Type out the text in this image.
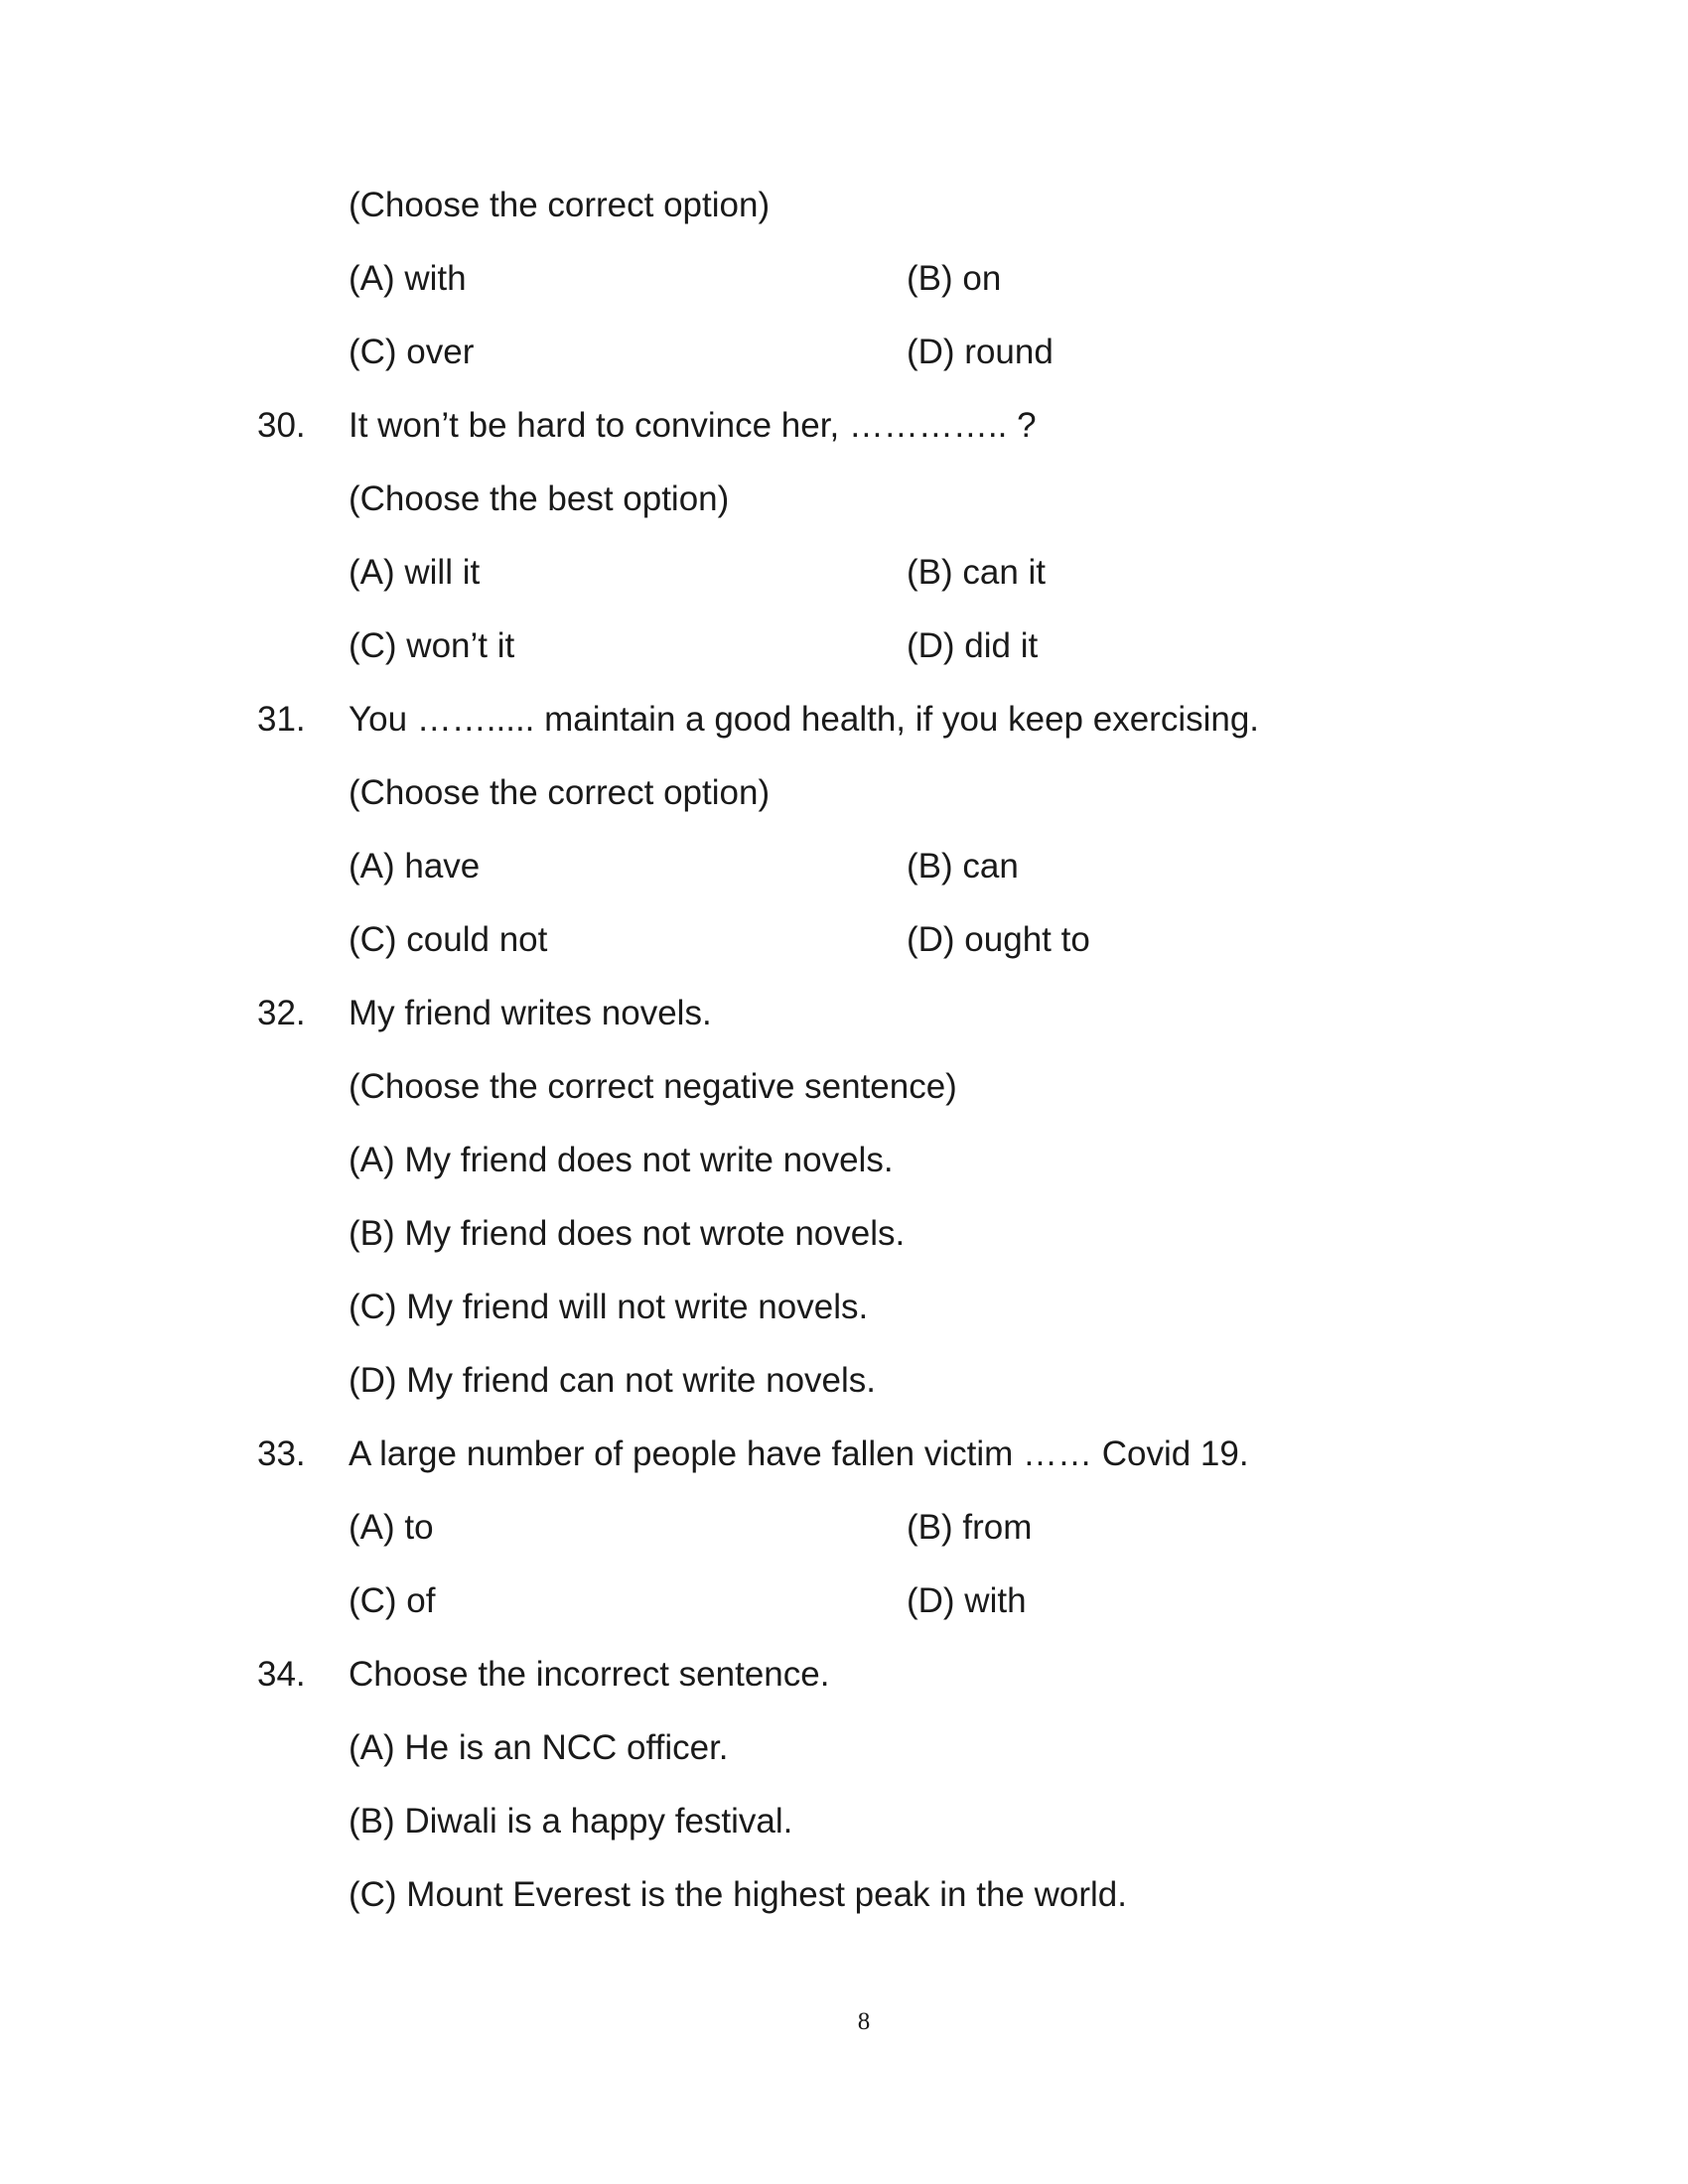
(Choose the correct option)
(A) with	(B) on
(C) over	(D) round
30. It won’t be hard to convince her, ………….. ?
(Choose the best option)
(A) will it	(B) can it
(C) won’t it	(D) did it
31. You ……..... maintain a good health, if you keep exercising.
(Choose the correct option)
(A) have	(B) can
(C) could not	(D) ought to
32. My friend writes novels.
(Choose the correct negative sentence)
(A) My friend does not write novels.
(B) My friend does not wrote novels.
(C) My friend will not write novels.
(D) My friend can not write novels.
33. A large number of people have fallen victim …… Covid 19.
(A) to	(B) from
(C) of	(D) with
34. Choose the incorrect sentence.
(A) He is an NCC officer.
(B) Diwali is a happy festival.
(C) Mount Everest is the highest peak in the world.
8
